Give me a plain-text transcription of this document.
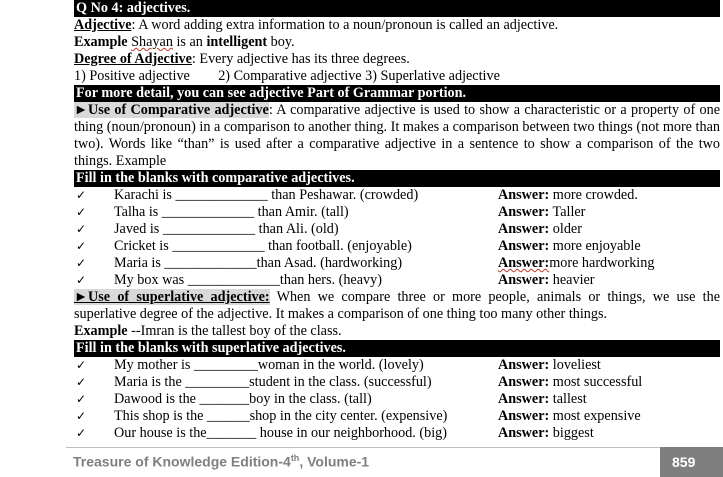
Q No 4: adjectives.
Adjective: A word adding extra information to a noun/pronoun is called an adjective.
Example Shayan is an intelligent boy.
Degree of Adjective: Every adjective has its three degrees.
1) Positive adjective        2) Comparative adjective 3) Superlative adjective
For more detail, you can see adjective Part of Grammar portion.
►Use of Comparative adjective: A comparative adjective is used to show a characteristic or a property of one thing (noun/pronoun) in a comparison to another thing. It makes a comparison between two things (not more than two). Words like “than” is used after a comparative adjective in a sentence to show a comparison of the two things. Example
Fill in the blanks with comparative adjectives.
✓ Karachi is _____________ than Peshawar. (crowded)	Answer: more crowded.
✓ Talha is _____________ than Amir. (tall)	Answer: Taller
✓ Javed is _____________ than Ali. (old)	Answer: older
✓ Cricket is _____________ than football. (enjoyable)	Answer: more enjoyable
✓ Maria is _____________than Asad. (hardworking)	Answer:more hardworking
✓ My box was _____________than hers. (heavy)	Answer: heavier
►Use of superlative adjective: When we compare three or more people, animals or things, we use the superlative degree of the adjective. It makes a comparison of one thing too many other things.
Example --Imran is the tallest boy of the class.
Fill in the blanks with superlative adjectives.
✓ My mother is _________woman in the world. (lovely)	Answer: loveliest
✓ Maria is the _________student in the class. (successful)	Answer: most successful
✓ Dawood is the _______boy in the class. (tall)	Answer: tallest
✓ This shop is the ______shop in the city center. (expensive)	Answer: most expensive
✓ Our house is the_______ house in our neighborhood. (big)	Answer: biggest
Treasure of Knowledge Edition-4th, Volume-1	859
